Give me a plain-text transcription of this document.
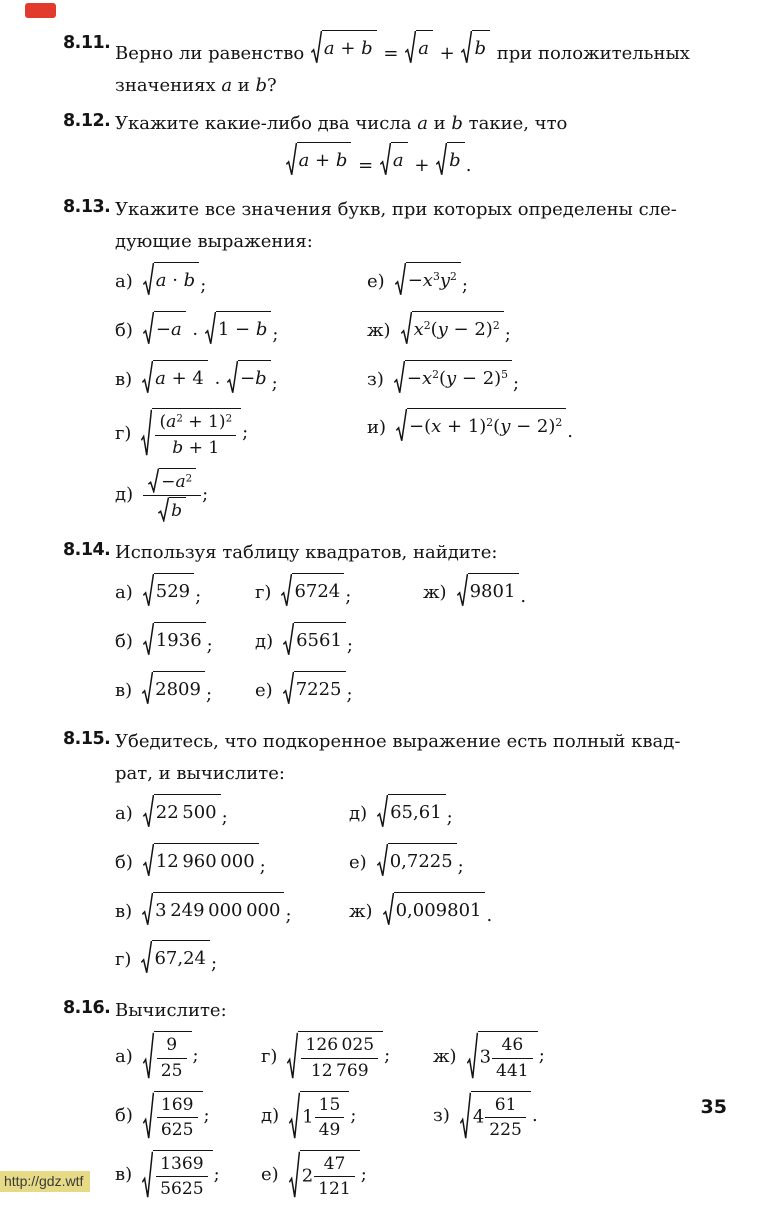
8.11. Верно ли равенство a + b = a + b при положительных
значениях a и b?

8.12. Укажите какие-либо два числа a и b такие, что

a + b = a + b .
8.13. Укажите все значения букв, при которых определены сле-
дующие выражения:

а) a · b ;	$е) -x^3y^2$ ;
б) −a · 1 − b ;	ж) $x^2(y - 2)^2$ ;
в) a + 4 · −b ;	$з) -x^2(y - 2)^5$ ;
$г) \frac{(a^2 + 1)^2}{b + 1}$ ;	$и) -(x + 1)^2(y - 2)^2$ .
$д) \frac{-a^2}{b}$ ;
8.14. Используя таблицу квадратов, найдите:

а) 529 ;	г) 6724 ;	ж) 9801 .
б) 1936 ; д) 6561 ;
в) 2809 ; е) 7225 ;
8.15. Убедитесь, что подкоренное выражение есть полный квад-
рат, и вычислите:

а) 22 500 ;	д) 65,61 ;
б) 12 960 000 ;	е) 0,7225 ;
в) 3 249 000 000 ;	ж) 0,009801 .
г) 67,24 ;
8.16. Вычислите:

$а) \frac{9}{25}$ ;	$г) \frac{126 025}{12 769}$ ; ж) $3 \frac{46}{441}$ ;
$б) \frac{169}{625}$ ;	д) $1 \frac{15}{49}$ ;	з) $4 \frac{61}{225}$ .
$в) \frac{1369}{5625}$ ; е) $2 \frac{47}{121}$ ;
35
http://gdz.wtf
